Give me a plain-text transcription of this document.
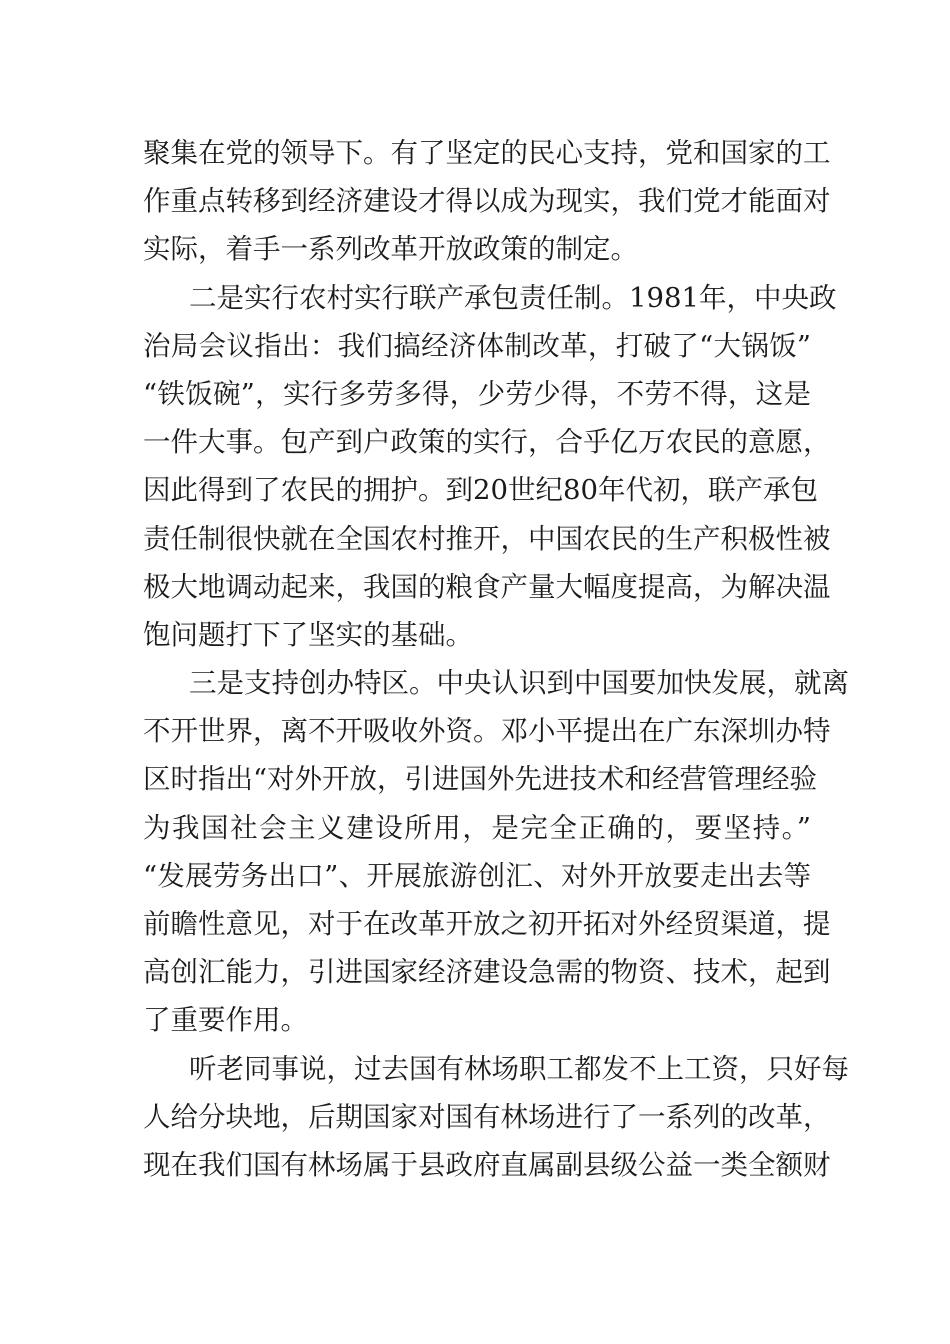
聚集在党的领导下。有了坚定的民心支持，党和国家的工
作重点转移到经济建设才得以成为现实，我们党才能面对
实际，着手一系列改革开放政策的制定。
二是实行农村实行联产承包责任制。1981年，中央政
治局会议指出：我们搞经济体制改革，打破了“大锅饭”
“铁饭碗”，实行多劳多得，少劳少得，不劳不得，这是
一件大事。包产到户政策的实行，合乎亿万农民的意愿，
因此得到了农民的拥护。到20世纪80年代初，联产承包
责任制很快就在全国农村推开，中国农民的生产积极性被
极大地调动起来，我国的粮食产量大幅度提高，为解决温
饱问题打下了坚实的基础。
三是支持创办特区。中央认识到中国要加快发展，就离
不开世界，离不开吸收外资。邓小平提出在广东深圳办特
区时指出“对外开放，引进国外先进技术和经营管理经验
为我国社会主义建设所用，是完全正确的，要坚持。”
“发展劳务出口”、开展旅游创汇、对外开放要走出去等
前瞻性意见，对于在改革开放之初开拓对外经贸渠道，提
高创汇能力，引进国家经济建设急需的物资、技术，起到
了重要作用。
听老同事说，过去国有林场职工都发不上工资，只好每
人给分块地，后期国家对国有林场进行了一系列的改革，
现在我们国有林场属于县政府直属副县级公益一类全额财
